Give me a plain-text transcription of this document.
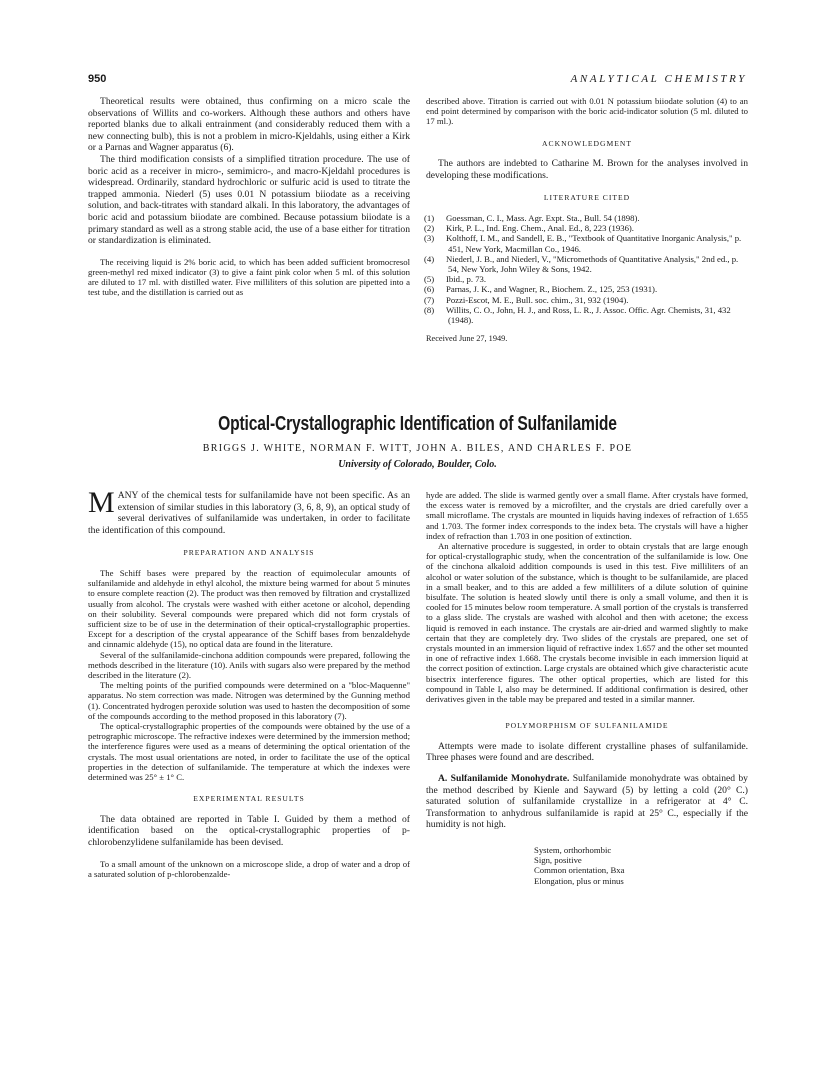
950	ANALYTICAL CHEMISTRY

Theoretical results were obtained, thus confirming on a micro scale the observations of Willits and co-workers. Although these authors and others have reported blanks due to alkali entrainment (and considerably reduced them with a new connecting bulb), this is not a problem in micro-Kjeldahls, using either a Kirk or a Parnas and Wagner apparatus (6).

The third modification consists of a simplified titration procedure. The use of boric acid as a receiver in micro-, semimicro-, and macro-Kjeldahl procedures is widespread. Ordinarily, standard hydrochloric or sulfuric acid is used to titrate the trapped ammonia. Niederl (5) uses 0.01 N potassium biiodate as a receiving solution, and back-titrates with standard alkali. In this laboratory, the advantages of boric acid and potassium biiodate are combined. Because potassium biiodate is a primary standard as well as a strong stable acid, the use of a base either for titration or standardization is eliminated.

The receiving liquid is 2% boric acid, to which has been added sufficient bromocresol green-methyl red mixed indicator (3) to give a faint pink color when 5 ml. of this solution are diluted to 17 ml. with distilled water. Five milliliters of this solution are pipetted into a test tube, and the distillation is carried out as

described above. Titration is carried out with 0.01 N potassium biiodate solution (4) to an end point determined by comparison with the boric acid-indicator solution (5 ml. diluted to 17 ml.).

ACKNOWLEDGMENT

The authors are indebted to Catharine M. Brown for the analyses involved in developing these modifications.

LITERATURE CITED
(1) Goessman, C. I., Mass. Agr. Expt. Sta., Bull. 54 (1898).
(2) Kirk, P. L., Ind. Eng. Chem., Anal. Ed., 8, 223 (1936).
(3) Kolthoff, I. M., and Sandell, E. B., "Textbook of Quantitative Inorganic Analysis," p. 451, New York, Macmillan Co., 1946.
(4) Niederl, J. B., and Niederl, V., "Micromethods of Quantitative Analysis," 2nd ed., p. 54, New York, John Wiley & Sons, 1942.
(5) Ibid., p. 73.
(6) Parnas, J. K., and Wagner, R., Biochem. Z., 125, 253 (1931).
(7) Pozzi-Escot, M. E., Bull. soc. chim., 31, 932 (1904).
(8) Willits, C. O., John, H. J., and Ross, L. R., J. Assoc. Offic. Agr. Chemists, 31, 432 (1948).
Received June 27, 1949.
Optical-Crystallographic Identification of Sulfanilamide
BRIGGS J. WHITE, NORMAN F. WITT, JOHN A. BILES, AND CHARLES F. POE
University of Colorado, Boulder, Colo.

MANY of the chemical tests for sulfanilamide have not been specific. As an extension of similar studies in this laboratory (3, 6, 8, 9), an optical study of several derivatives of sulfanilamide was undertaken, in order to facilitate the identification of this compound.

PREPARATION AND ANALYSIS

The Schiff bases were prepared by the reaction of equimolecular amounts of sulfanilamide and aldehyde in ethyl alcohol, the mixture being warmed for about 5 minutes to ensure complete reaction (2). The product was then removed by filtration and crystallized usually from alcohol. The crystals were washed with either acetone or alcohol, depending on their solubility. Several compounds were prepared which did not form crystals of sufficient size to be of use in the determination of their optical-crystallographic properties. Except for a description of the crystal appearance of the Schiff bases from benzaldehyde and cinnamic aldehyde (15), no optical data are found in the literature.

Several of the sulfanilamide-cinchona addition compounds were prepared, following the methods described in the literature (10). Anils with sugars also were prepared by the method described in the literature (2).

The melting points of the purified compounds were determined on a "bloc-Maquenne" apparatus. No stem correction was made. Nitrogen was determined by the Gunning method (1). Concentrated hydrogen peroxide solution was used to hasten the decomposition of some of the compounds according to the method proposed in this laboratory (7).

The optical-crystallographic properties of the compounds were obtained by the use of a petrographic microscope. The refractive indexes were determined by the immersion method; the interference figures were used as a means of determining the optical orientation of the crystals. The most usual orientations are noted, in order to facilitate the use of the optical properties in the detection of sulfanilamide. The temperature at which the indexes were determined was 25° ± 1° C.

EXPERIMENTAL RESULTS

The data obtained are reported in Table I. Guided by them a method of identification based on the optical-crystallographic properties of p-chlorobenzylidene sulfanilamide has been devised.

To a small amount of the unknown on a microscope slide, a drop of water and a drop of a saturated solution of p-chlorobenzalde-

hyde are added. The slide is warmed gently over a small flame. After crystals have formed, the excess water is removed by a microfilter, and the crystals are dried carefully over a small microflame. The crystals are mounted in liquids having indexes of refraction of 1.655 and 1.703. The former index corresponds to the index beta. The crystals will have a higher index of refraction than 1.703 in one position of extinction.

An alternative procedure is suggested, in order to obtain crystals that are large enough for optical-crystallographic study, when the concentration of the sulfanilamide is low. One of the cinchona alkaloid addition compounds is used in this test. Five milliliters of an alcohol or water solution of the substance, which is thought to be sulfanilamide, are placed in a small beaker, and to this are added a few milliliters of a dilute solution of quinine bisulfate. The solution is heated slowly until there is only a small volume, and then it is cooled for 15 minutes below room temperature. A small portion of the crystals is transferred to a glass slide. The crystals are washed with alcohol and then with acetone; the excess liquid is removed in each instance. The crystals are air-dried and warmed slightly to make certain that they are completely dry. Two slides of the crystals are prepared, one set of crystals mounted in an immersion liquid of refractive index 1.657 and the other set mounted in one of refractive index 1.668. The crystals become invisible in each immersion liquid at the correct position of extinction. Large crystals are obtained which give characteristic acute bisectrix interference figures. The other optical properties, which are listed for this compound in Table I, also may be determined. If additional confirmation is desired, other derivatives given in the table may be prepared and tested in a similar manner.

POLYMORPHISM OF SULFANILAMIDE

Attempts were made to isolate different crystalline phases of sulfanilamide. Three phases were found and are described.

A. Sulfanilamide Monohydrate. Sulfanilamide monohydrate was obtained by the method described by Kienle and Sayward (5) by letting a cold (20° C.) saturated solution of sulfanilamide crystallize in a refrigerator at 4° C. Transformation to anhydrous sulfanilamide is rapid at 25° C., especially if the humidity is not high.

System, orthorhombic
Sign, positive
Common orientation, Bxa
Elongation, plus or minus
